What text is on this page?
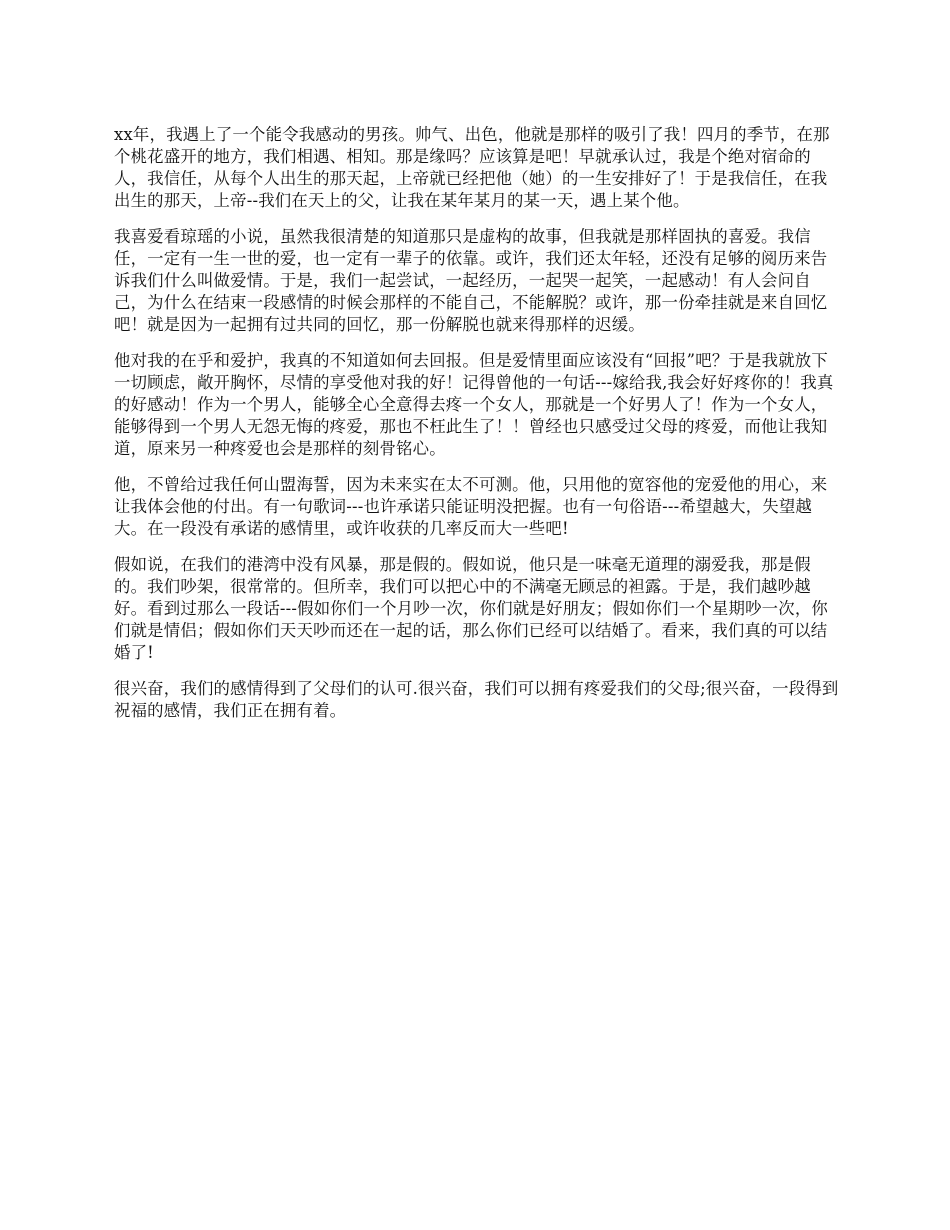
xx年，我遇上了一个能令我感动的男孩。帅气、出色，他就是那样的吸引了我！四月的季节，在那个桃花盛开的地方，我们相遇、相知。那是缘吗？应该算是吧！早就承认过，我是个绝对宿命的人，我信任，从每个人出生的那天起，上帝就已经把他（她）的一生安排好了！于是我信任，在我出生的那天，上帝--我们在天上的父，让我在某年某月的某一天，遇上某个他。

我喜爱看琼瑶的小说，虽然我很清楚的知道那只是虚构的故事，但我就是那样固执的喜爱。我信任，一定有一生一世的爱，也一定有一辈子的依靠。或许，我们还太年轻，还没有足够的阅历来告诉我们什么叫做爱情。于是，我们一起尝试，一起经历，一起哭一起笑，一起感动！有人会问自己，为什么在结束一段感情的时候会那样的不能自己，不能解脱？或许，那一份牵挂就是来自回忆吧！就是因为一起拥有过共同的回忆，那一份解脱也就来得那样的迟缓。

他对我的在乎和爱护，我真的不知道如何去回报。但是爱情里面应该没有“回报”吧？于是我就放下一切顾虑，敞开胸怀，尽情的享受他对我的好！记得曾他的一句话---嫁给我,我会好好疼你的！我真的好感动！作为一个男人，能够全心全意得去疼一个女人，那就是一个好男人了！作为一个女人，能够得到一个男人无怨无悔的疼爱，那也不枉此生了！！曾经也只感受过父母的疼爱，而他让我知道，原来另一种疼爱也会是那样的刻骨铭心。

他，不曾给过我任何山盟海誓，因为未来实在太不可测。他，只用他的宽容他的宠爱他的用心，来让我体会他的付出。有一句歌词---也许承诺只能证明没把握。也有一句俗语---希望越大，失望越大。在一段没有承诺的感情里，或许收获的几率反而大一些吧!

假如说，在我们的港湾中没有风暴，那是假的。假如说，他只是一味毫无道理的溺爱我，那是假的。我们吵架，很常常的。但所幸，我们可以把心中的不满毫无顾忌的袒露。于是，我们越吵越好。看到过那么一段话---假如你们一个月吵一次，你们就是好朋友；假如你们一个星期吵一次，你们就是情侣；假如你们天天吵而还在一起的话，那么你们已经可以结婚了。看来，我们真的可以结婚了!

很兴奋，我们的感情得到了父母们的认可.很兴奋，我们可以拥有疼爱我们的父母;很兴奋，一段得到祝福的感情，我们正在拥有着。
